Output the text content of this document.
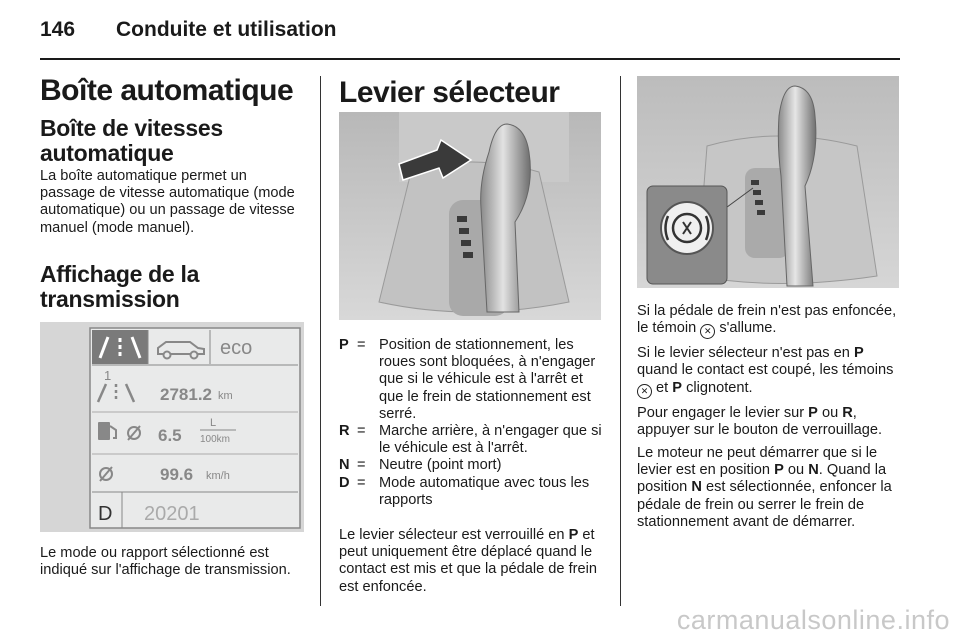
146 Conduite et utilisation
Boîte automatique
Boîte de vitesses automatique

La boîte automatique permet un passage de vitesse automatique (mode automatique) ou un passage de vitesse manuel (mode manuel).

Affichage de la transmission
eco
1
2781.2 km
6.5
L
100km
99.6 km/h
D 20201

Le mode ou rapport sélectionné est indiqué sur l'affichage de transmission.

Levier sélecteur
P = Position de stationnement, les roues sont bloquées, à n'engager que si le véhicule est à l'arrêt et que le frein de stationnement est serré.
R = Marche arrière, à n'engager que si le véhicule est à l'arrêt.
N = Neutre (point mort)
D = Mode automatique avec tous les rapports

Le levier sélecteur est verrouillé en P et peut uniquement être déplacé quand le contact est mis et que la pédale de frein est enfoncée.

Si la pédale de frein n'est pas enfoncée, le témoin ✕ s'allume.

Si le levier sélecteur n'est pas en P quand le contact est coupé, les témoins ✕ et P clignotent.

Pour engager le levier sur P ou R, appuyer sur le bouton de verrouillage.

Le moteur ne peut démarrer que si le levier est en position P ou N. Quand la position N est sélectionnée, enfoncer la pédale de frein ou serrer le frein de stationnement avant de démarrer.

carmanualsonline.info
